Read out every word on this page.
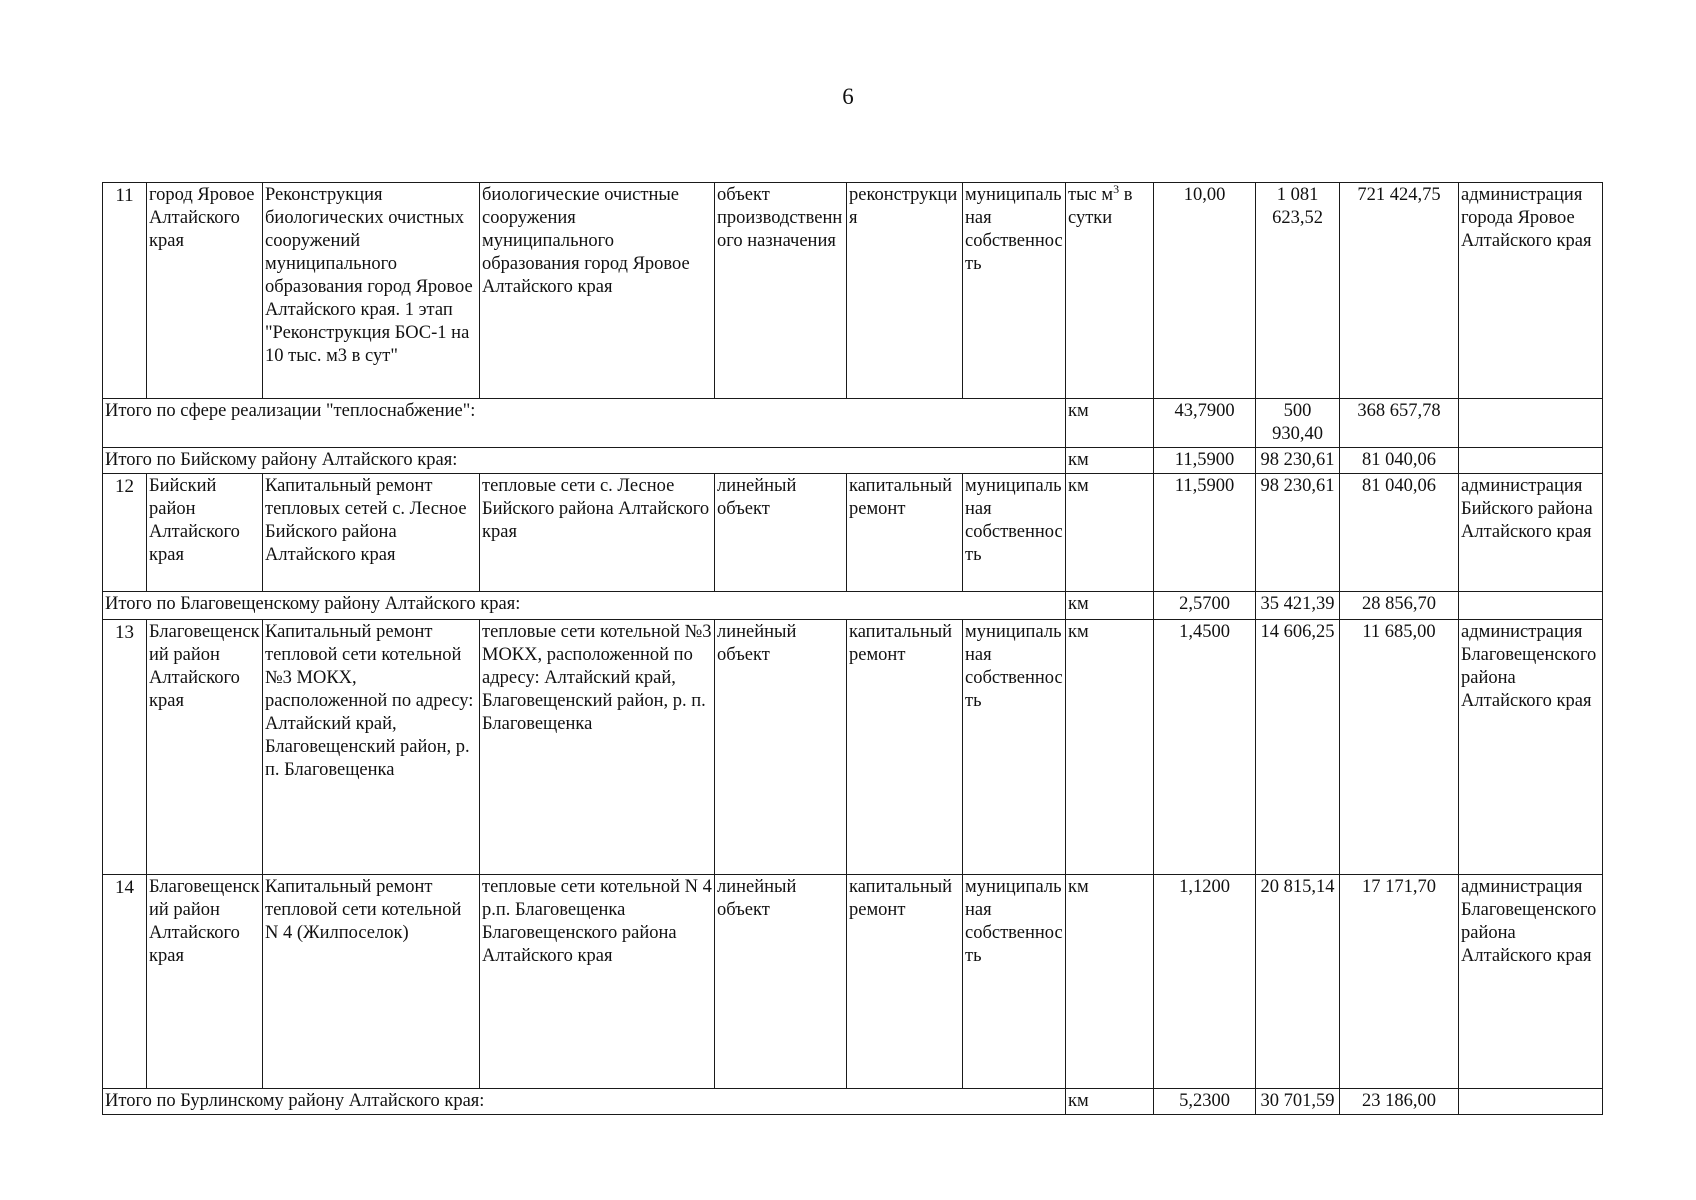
6
11	город Яровое Алтайского края	Реконструкция биологических очистных сооружений муниципального образования город Яровое Алтайского края. 1 этап "Реконструкция БОС-1 на 10 тыс. м3 в сут"	биологические очистные сооружения муниципального образования город Яровое Алтайского края	объект производственного назначения	реконструкция	муниципальная собственность	тыс $м^3$ в сутки	10,00	1 081 623,52	721 424,75	администрация города Яровое Алтайского края
Итого по сфере реализации "теплоснабжение":							км	43,7900	500 930,40	368 657,78	
Итого по Бийскому району Алтайского края:							км	11,5900	98 230,61	81 040,06	
12	Бийский район Алтайского края	Капитальный ремонт тепловых сетей с. Лесное Бийского района Алтайского края	тепловые сети с. Лесное Бийского района Алтайского края	линейный объект	капитальный ремонт	муниципальная собственность	км	11,5900	98 230,61	81 040,06	администрация Бийского района Алтайского края
Итого по Благовещенскому району Алтайского края:							км	2,5700	35 421,39	28 856,70	
13	Благовещенский район Алтайского края	Капитальный ремонт тепловой сети котельной №3 МОКХ, расположенной по адресу: Алтайский край, Благовещенский район, р. п. Благовещенка	тепловые сети котельной №3 МОКХ, расположенной по адресу: Алтайский край, Благовещенский район, р. п. Благовещенка	линейный объект	капитальный ремонт	муниципальная собственность	км	1,4500	14 606,25	11 685,00	администрация Благовещенского района Алтайского края
14	Благовещенский район Алтайского края	Капитальный ремонт тепловой сети котельной N 4 (Жилпоселок)	тепловые сети котельной N 4 р.п. Благовещенка Благовещенского района Алтайского края	линейный объект	капитальный ремонт	муниципальная собственность	км	1,1200	20 815,14	17 171,70	администрация Благовещенского района Алтайского края
Итого по Бурлинскому району Алтайского края:							км	5,2300	30 701,59	23 186,00	
